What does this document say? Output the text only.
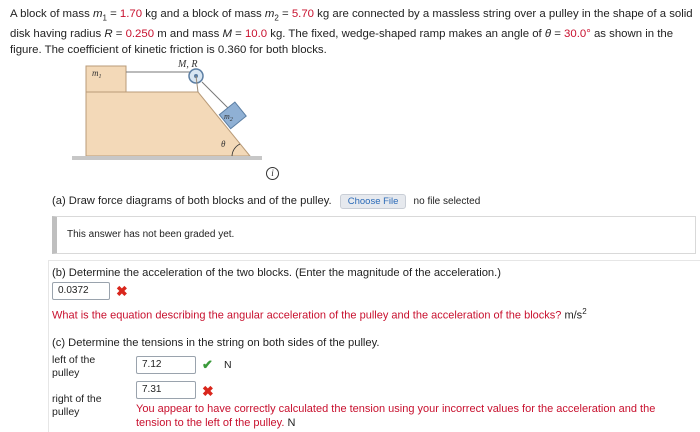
A block of mass $m_1 = 1.70$ kg and a block of mass $m_2 = 5.70$ kg are connected by a massless string over a pulley in the shape of a solid disk having radius R = 0.250 m and mass M = 10.0 kg. The fixed, wedge-shaped ramp makes an angle of θ = 30.0° as shown in the figure. The coefficient of kinetic friction is 0.360 for both blocks.
$m_1$
$m_2$
M, R
θ
i
(a) Draw force diagrams of both blocks and of the pulley. Choose File no file selected
This answer has not been graded yet.
(b) Determine the acceleration of the two blocks. (Enter the magnitude of the acceleration.)
0.0372	✖
What is the equation describing the angular acceleration of the pulley and the acceleration of the blocks? $m/s^2$
(c) Determine the tensions in the string on both sides of the pulley.
left of the pulley
7.12	✔ N
right of the pulley
7.31	✖
You appear to have correctly calculated the tension using your incorrect values for the acceleration and the tension to the left of the pulley. N
